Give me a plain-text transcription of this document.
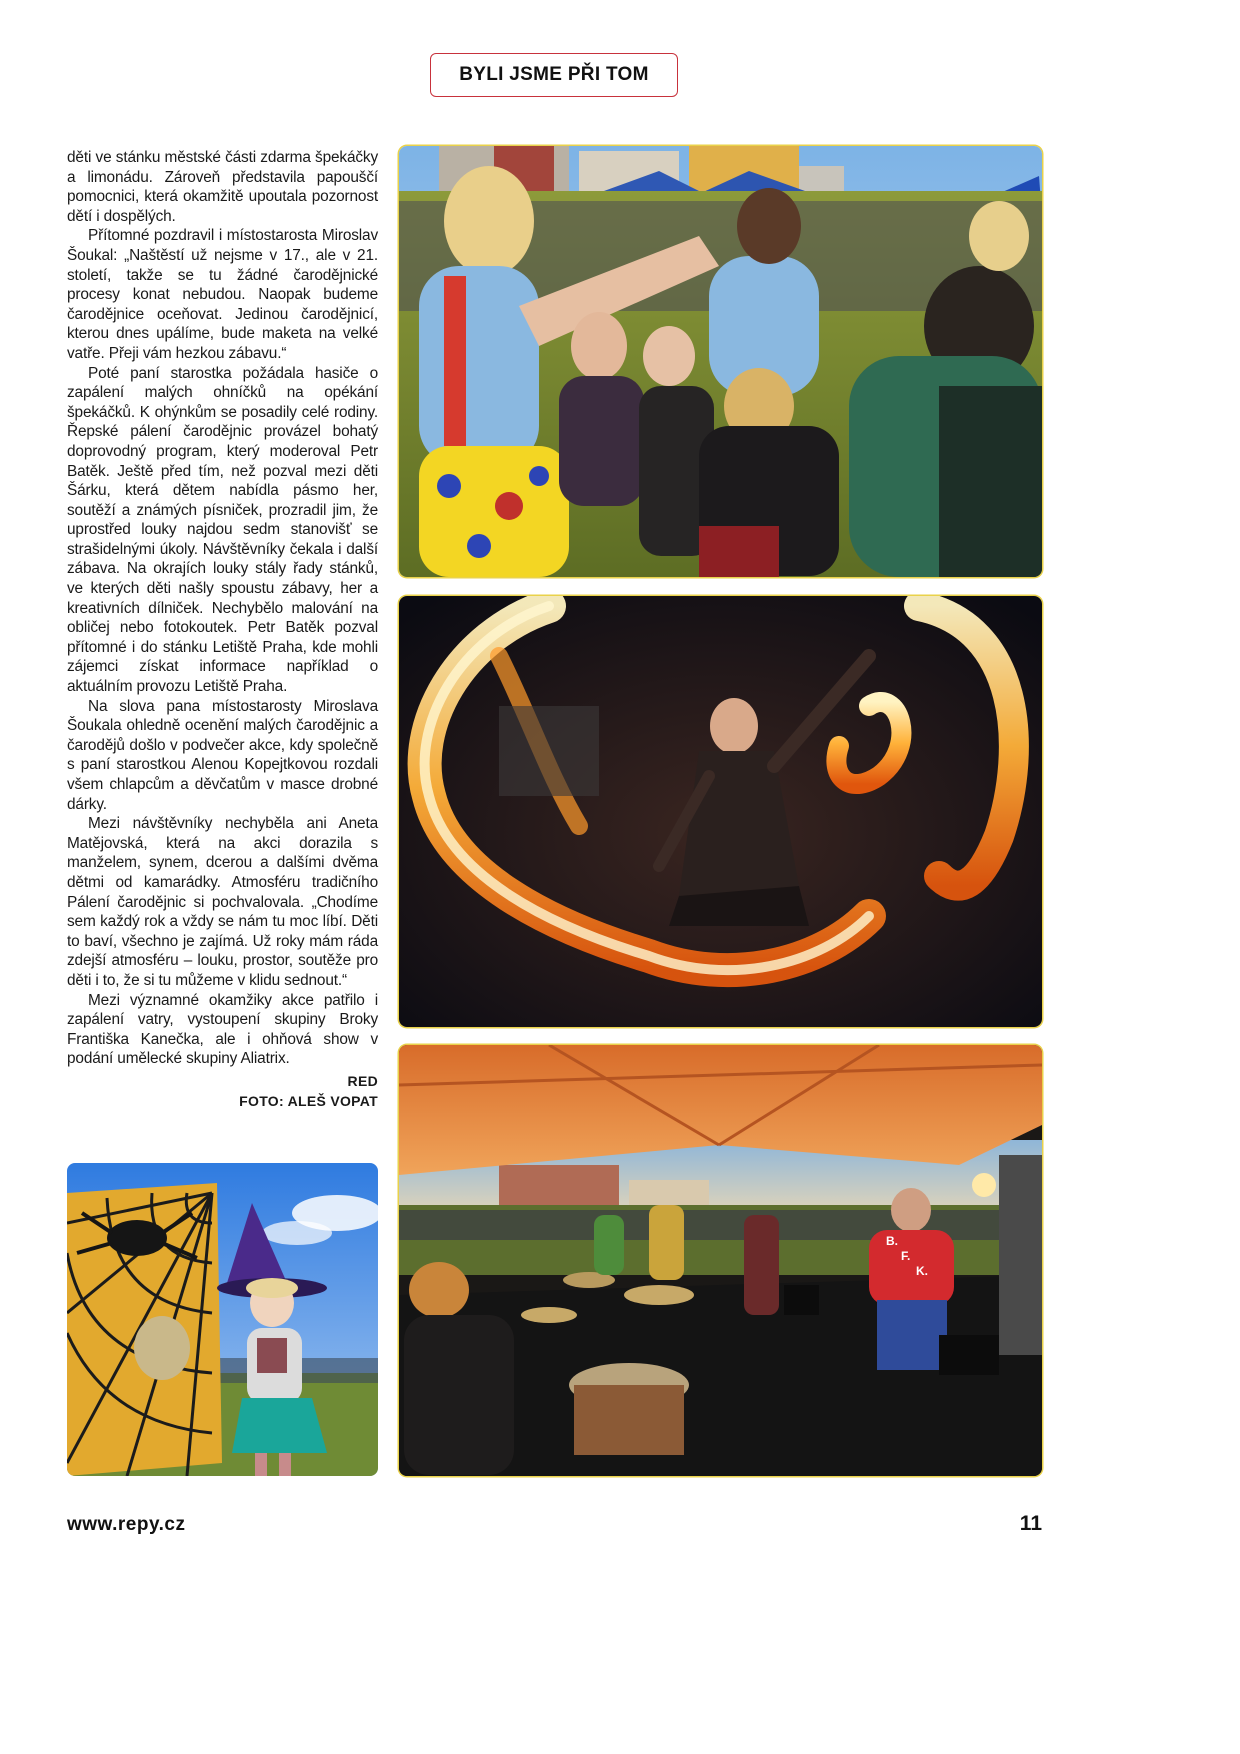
BYLI JSME PŘI TOM

děti ve stánku městské části zdarma špekáčky a limonádu. Zároveň představila papouščí pomocnici, která okamžitě upoutala pozornost dětí i dospělých.

Přítomné pozdravil i místostarosta Miroslav Šoukal: „Naštěstí už nejsme v 17., ale v 21. století, takže se tu žádné čarodějnické procesy konat nebudou. Naopak budeme čarodějnice oceňovat. Jedinou čarodějnicí, kterou dnes upálíme, bude maketa na velké vatře. Přeji vám hezkou zábavu.“

Poté paní starostka požádala hasiče o zapálení malých ohníčků na opékání špekáčků. K ohýnkům se posadily celé rodiny. Řepské pálení čarodějnic provázel bohatý doprovodný program, který moderoval Petr Batěk. Ještě před tím, než pozval mezi děti Šárku, která dětem nabídla pásmo her, soutěží a známých písniček, prozradil jim, že uprostřed louky najdou sedm stanovišť se strašidelnými úkoly. Návštěvníky čekala i další zábava. Na okrajích louky stály řady stánků, ve kterých děti našly spoustu zábavy, her a kreativních dílniček. Nechybělo malování na obličej nebo fotokoutek. Petr Batěk pozval přítomné i do stánku Letiště Praha, kde mohli zájemci získat informace například o aktuálním provozu Letiště Praha.

Na slova pana místostarosty Miroslava Šoukala ohledně ocenění malých čarodějnic a čarodějů došlo v podvečer akce, kdy společně s paní starostkou Alenou Kopejtkovou rozdali všem chlapcům a děvčatům v masce drobné dárky.

Mezi návštěvníky nechyběla ani Aneta Matějovská, která na akci dorazila s manželem, synem, dcerou a dalšími dvěma dětmi od kamarádky. Atmosféru tradičního Pálení čarodějnic si pochvalovala. „Chodíme sem každý rok a vždy se nám tu moc líbí. Děti to baví, všechno je zajímá. Už roky mám ráda zdejší atmosféru – louku, prostor, soutěže pro děti i to, že si tu můžeme v klidu sednout.“

Mezi významné okamžiky akce patřilo i zapálení vatry, vystoupení skupiny Broky Františka Kanečka, ale i ohňová show v podání umělecké skupiny Aliatrix.

RED
FOTO: ALEŠ VOPAT
B.
F.
K.
www.repy.cz	11
